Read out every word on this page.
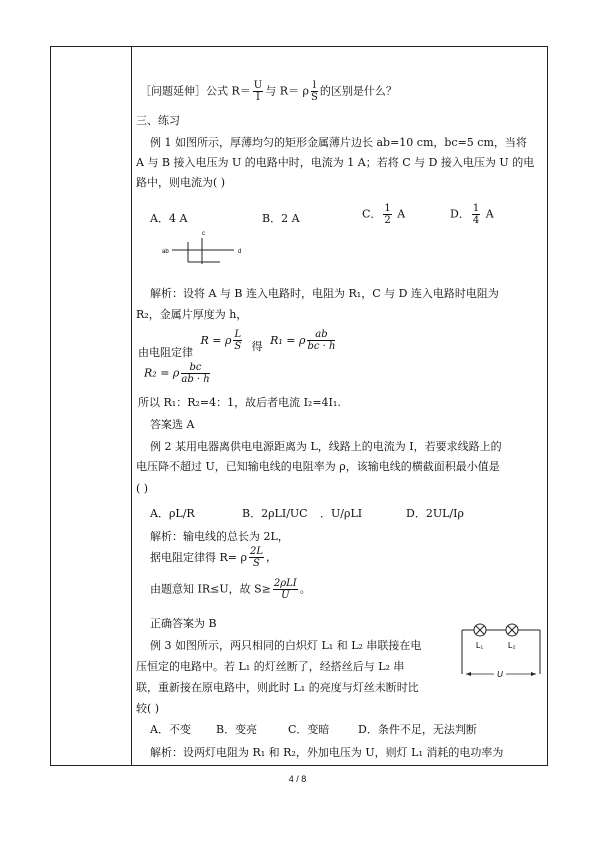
［问题延伸］公式 $R= \frac{U}{I}$ 与 R＝ ρ $\frac{l}{S}$ 的区别是什么？
三、练习
例 1 如图所示，厚薄均匀的矩形金属薄片边长 ab=10 cm，bc=5 cm，当将
A 与 B 接入电压为 U 的电路中时，电流为 1 A；若将 C 与 D 接入电压为 U 的电
路中，则电流为( )
A．4 A	B．2 A	C． $\frac{1}{2}$ A	D． $\frac{1}{4}$ A
ab
c
d
解析：设将 A 与 B 连入电路时，电阻为 R₁，C 与 D 连入电路时电阻为
R₂，金属片厚度为 h，
由电阻定律 R = ρ $\frac{L}{S}$ 得 R₁ = ρ $\frac{ab}{bc \cdot h}$
R₂ = ρ $\frac{bc}{ab \cdot h}$
所以 R₁：R₂=4：1，故后者电流 I₂=4I₁.
答案选 A
例 2 某用电器离供电电源距离为 L，线路上的电流为 I，若要求线路上的
电压降不超过 U，已知输电线的电阻率为 ρ，该输电线的横截面积最小值是
( )
A．ρL/R	B．2ρLI/UC ．U/ρLI	D．2UL/Iρ
解析：输电线的总长为 2L，
据电阻定律得 R= ρ $\frac{2L}{S}$ ，
由题意知 IR≤U，故 $S\ge \frac{\text{2ρLI}}{U}$ 。
正确答案为 B
例 3 如图所示，两只相同的白炽灯 L₁ 和 L₂ 串联接在电
压恒定的电路中。若 L₁ 的灯丝断了，经搭丝后与 L₂ 串
联，重新接在原电路中，则此时 L₁ 的亮度与灯丝未断时比
较( )
A．不变 B．变亮	C．变暗	D．条件不足，无法判断
解析：设两灯电阻为 R₁ 和 R₂，外加电压为 U，则灯 L₁ 消耗的电功率为
L₁	L₂
U
4 / 8
